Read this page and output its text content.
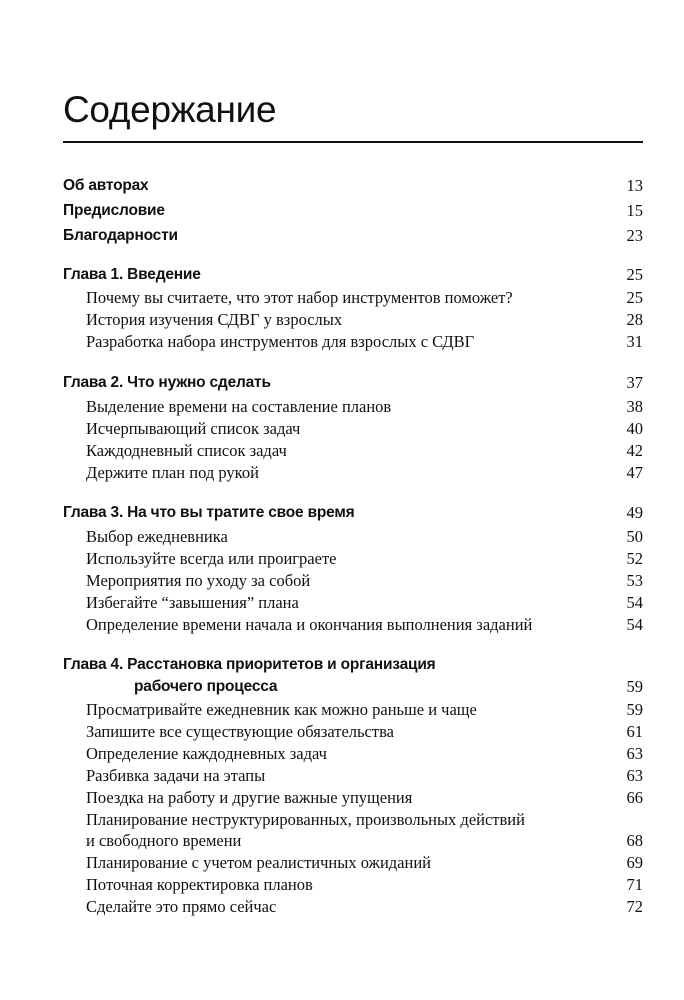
Содержание
Об авторах	13
Предисловие	15
Благодарности	23
Глава 1. Введение	25
Почему вы считаете, что этот набор инструментов поможет?	25
История изучения СДВГ у взрослых	28
Разработка набора инструментов для взрослых с СДВГ	31
Глава 2. Что нужно сделать	37
Выделение времени на составление планов	38
Исчерпывающий список задач	40
Каждодневный список задач	42
Держите план под рукой	47
Глава 3. На что вы тратите свое время	49
Выбор ежедневника	50
Используйте всегда или проиграете	52
Мероприятия по уходу за собой	53
Избегайте “завышения” плана	54
Определение времени начала и окончания выполнения заданий	54
Глава 4. Расстановка приоритетов и организация
рабочего процесса	59
Просматривайте ежедневник как можно раньше и чаще	59
Запишите все существующие обязательства	61
Определение каждодневных задач	63
Разбивка задачи на этапы	63
Поездка на работу и другие важные упущения	66
Планирование неструктурированных, произвольных действий
и свободного времени	68
Планирование с учетом реалистичных ожиданий	69
Поточная корректировка планов	71
Сделайте это прямо сейчас	72
